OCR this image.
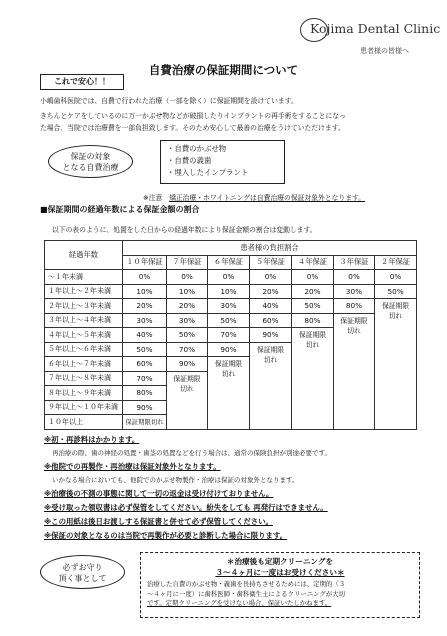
Kojima Dental Clinic
患者様の皆様へ
自費治療の保証期間について
これで安心！！
小嶋歯科医院では、自費で行われた治療（一部を除く）に保証期間を設けています。
きちんとケアをしているのに万一かぶせ物などが破損したりインプラントの再手術をすることになっ
た場合、当院では治療費を一部負担致します。そのため安心して最善の治療をうけていただけます。
保証の対象
となる自費治療
・自費のかぶせ物
・自費の義歯
・埋入したインプラント
※注意　矯正治療・ホワイトニングは自費治療の保証対象外となります。
■保証期間の経過年数による保証金額の割合
以下の表のように、処置をした日からの経過年数により保証金額の割合は変動します。
経過年数	患者様の負担割合						
	１０年保証	７年保証	６年保証	５年保証	４年保証	３年保証	２年保証
～１年未満	0%	0%	0%	0%	0%	0%	0%
１年以上～２年未満	10%	10%	10%	20%	20%	30%	50%
２年以上～３年未満	20%	20%	30%	40%	50%	80%	保証期限
切れ
３年以上～４年未満	30%	30%	50%	60%	80%	保証期限
切れ	
４年以上～５年未満	40%	50%	70%	90%	保証期限
切れ		
５年以上～６年未満	50%	70%	90%	保証期限
切れ			
６年以上～７年未満	60%	90%	保証期限
切れ				
７年以上～８年未満	70%	保証期限
切れ					
８年以上～９年未満	80%						
９年以上～１０年未満	90%						
１０年以上	保証期限切れ						
※初・再診料はかかります。
再治療の際、歯の神経の処置・歯茎の処置などを行う場合は、通常の保険負担が別途必要です。
※他院での再製作・再治療は保証対象外となります。
いかなる場合においても、他院でのかぶせ物製作・治療は保証の対象外となります。
※治療後の不測の事態に関して一切の返金は受け付けておりません。
※受け取った領収書は必ず保管をしてください。紛失をしても 再発行はできません。
※この用紙は後日お渡しする保証書と併せて必ず保管してください。
※保証の対象となるのは当院で再製作が必要と診断した場合に限ります。
必ずお守り
頂く事として
＊治療後も定期クリーニングを
３～４ヶ月に一度はお受けください＊
治療した自費のかぶせ物・義歯を長持ちさせるためには、定期的（３
～４ヶ月に一度）に歯科医師・歯科衛生士によるクリーニングが大切
です。定期クリーニングを受けない場合、保証いたしかねます。
